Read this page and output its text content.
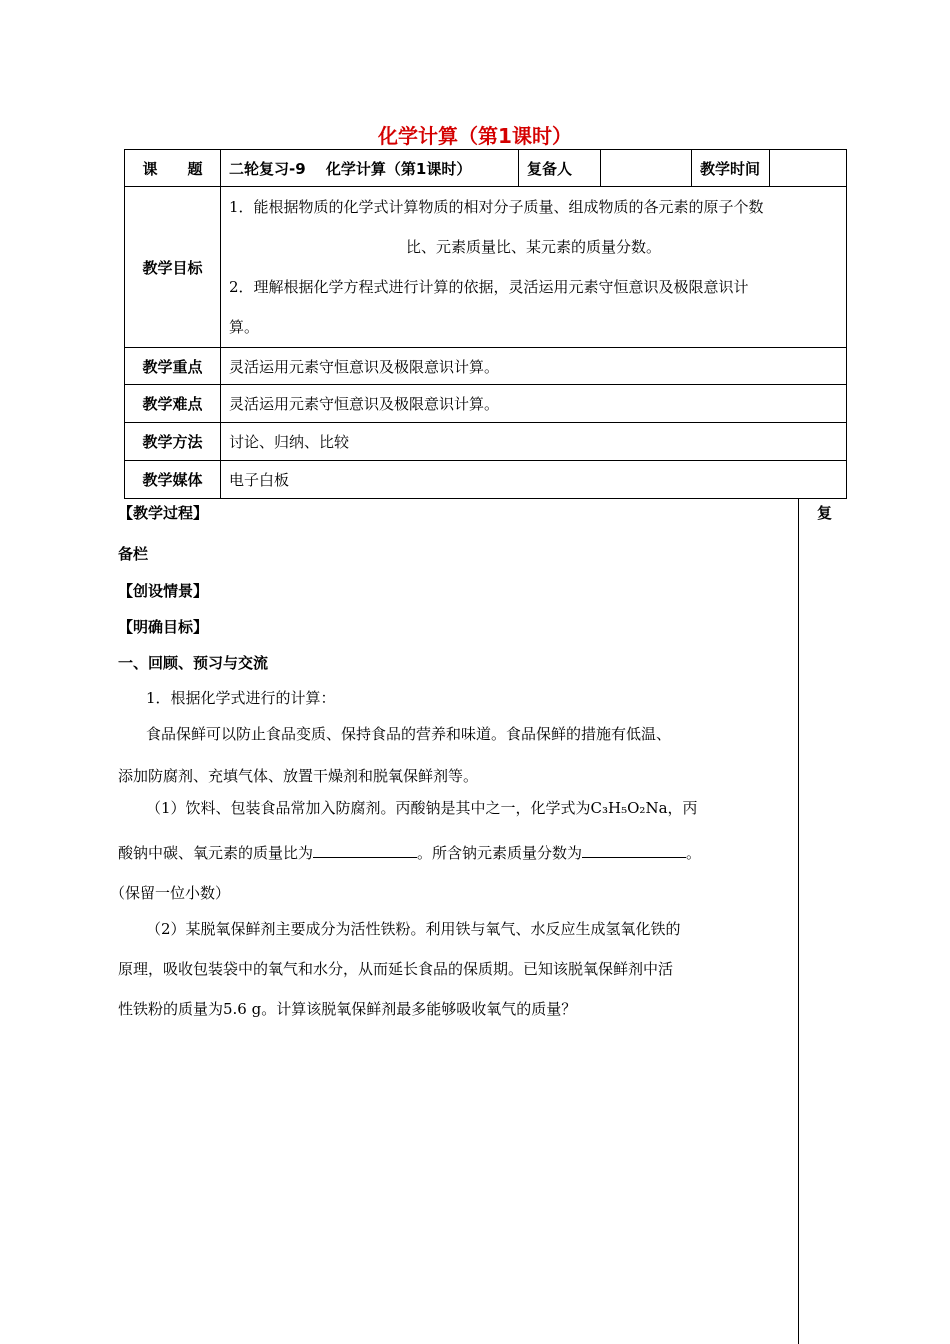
化学计算（第1课时）
课　　题	二轮复习-9　 化学计算（第1课时）	复备人		教学时间	
教学目标	1．能根据物质的化学式计算物质的相对分子质量、组成物质的各元素的原子个数
比、元素质量比、某元素的质量分数。
2．理解根据化学方程式进行计算的依据，灵活运用元素守恒意识及极限意识计
算。				

教学重点	灵活运用元素守恒意识及极限意识计算。				
教学难点	灵活运用元素守恒意识及极限意识计算。				
教学方法	讨论、归纳、比较				
教学媒体	电子白板				
复
【教学过程】
备栏
【创设情景】
【明确目标】
一、回顾、预习与交流
1．根据化学式进行的计算：
食品保鲜可以防止食品变质、保持食品的营养和味道。食品保鲜的措施有低温、
添加防腐剂、充填气体、放置干燥剂和脱氧保鲜剂等。
（1）饮料、包装食品常加入防腐剂。丙酸钠是其中之一，化学式为C₃H₅O₂Na，丙
酸钠中碳、氧元素的质量比为	。所含钠元素质量分数为	。
（保留一位小数）
（2）某脱氧保鲜剂主要成分为活性铁粉。利用铁与氧气、水反应生成氢氧化铁的
原理，吸收包装袋中的氧气和水分，从而延长食品的保质期。已知该脱氧保鲜剂中活
性铁粉的质量为5.6 g。计算该脱氧保鲜剂最多能够吸收氧气的质量？
